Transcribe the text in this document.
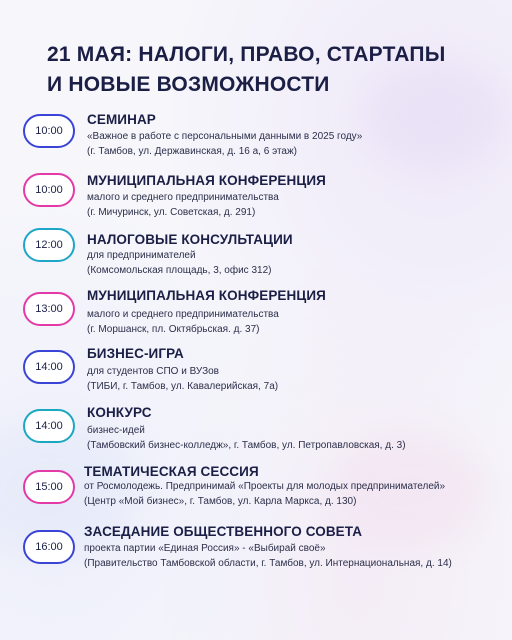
21 МАЯ: НАЛОГИ, ПРАВО, СТАРТАПЫ
И НОВЫЕ ВОЗМОЖНОСТИ
10:00
СЕМИНАР
«Важное в работе с персональными данными в 2025 году»
(г. Тамбов, ул. Державинская, д. 16 а, 6 этаж)
10:00
МУНИЦИПАЛЬНАЯ КОНФЕРЕНЦИЯ
малого и среднего предпринимательства
(г. Мичуринск, ул. Советская, д. 291)
12:00	НАЛОГОВЫЕ КОНСУЛЬТАЦИИ
для предпринимателей
(Комсомольская площадь, 3, офис 312)
13:00
МУНИЦИПАЛЬНАЯ КОНФЕРЕНЦИЯ
малого и среднего предпринимательства
(г. Моршанск, пл. Октябрьская. д. 37)
14:00
БИЗНЕС-ИГРА
для студентов СПО и ВУЗов
(ТИБИ, г. Тамбов, ул. Кавалерийская, 7а)
14:00
КОНКУРС
бизнес-идей
(Тамбовский бизнес-колледж», г. Тамбов, ул. Петропавловская, д. 3)
15:00
ТЕМАТИЧЕСКАЯ СЕССИЯ
от Росмолодежь. Предпринимай «Проекты для молодых предпринимателей»
(Центр «Мой бизнес», г. Тамбов, ул. Карла Маркса, д. 130)
16:00
ЗАСЕДАНИЕ ОБЩЕСТВЕННОГО СОВЕТА
проекта партии «Единая Россия» - «Выбирай своё»
(Правительство Тамбовской области, г. Тамбов, ул. Интернациональная, д. 14)
